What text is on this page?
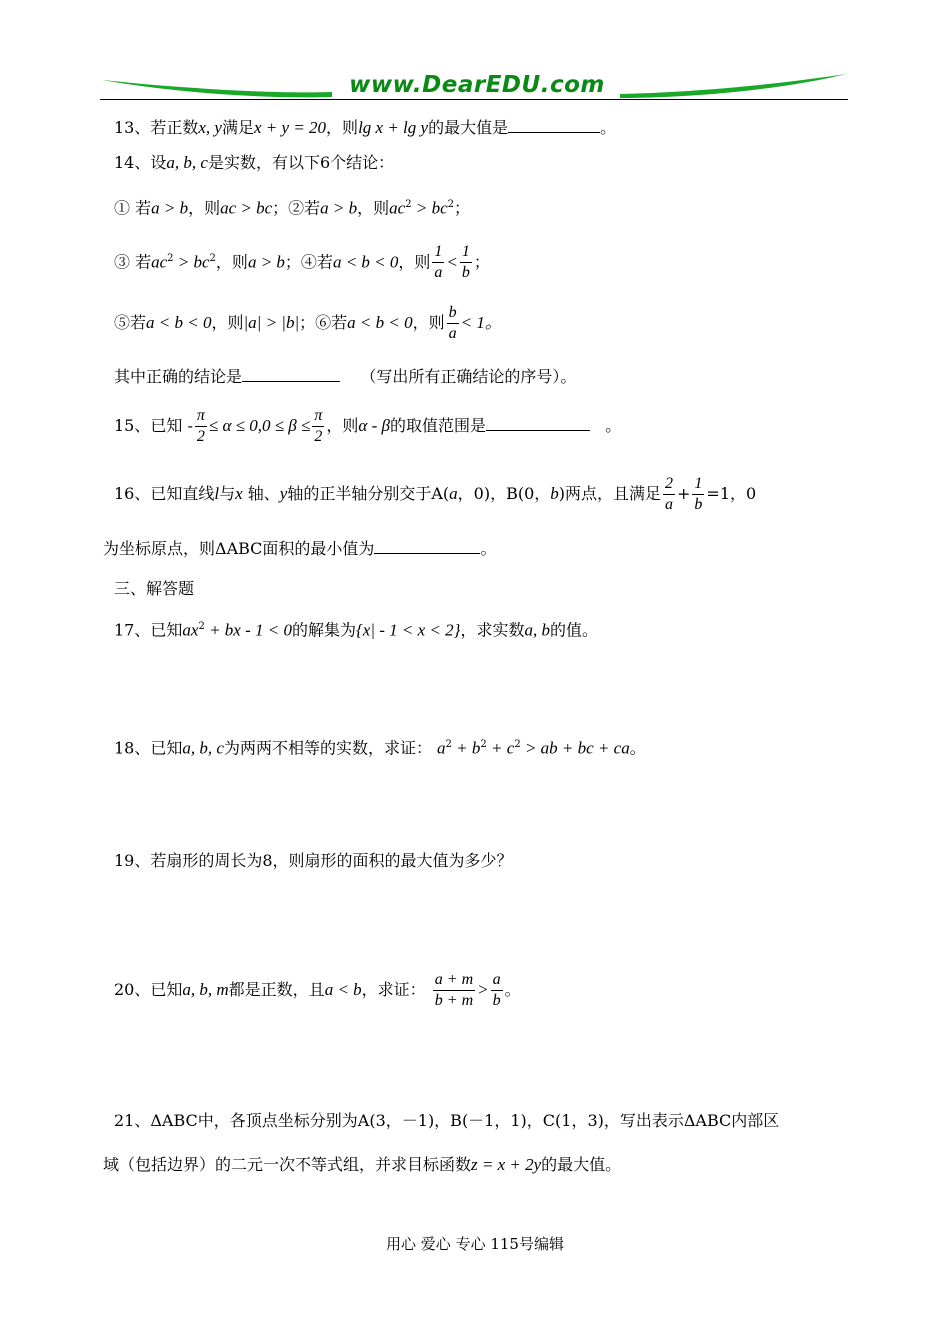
www.DearEDU.com
13、若正数x, y满足x + y = 20，则lg x + lg y的最大值是	。
14、设a, b, c是实数，有以下6个结论：
① 若a > b，则ac > bc；②若a > b，则$ac^2 > bc^2$；
③ 若$ac^2 > bc^2$，则a > b；④若a < b < 0，则 $\frac{1}{a} < \frac{1}{b}$ ；
⑤若a < b < 0，则|a| > |b|；⑥若a < b < 0，则 $\frac{b}{a} < 1$。
其中正确的结论是	（写出所有正确结论的序号）。
15、已知 - $\frac{\pi}{2} \le \alpha \le 0,0 \le \beta \le \frac{\pi}{2}$ ，则α - β的取值范围是	。
16、已知直线l与x 轴、y轴的正半轴分别交于A(a，0)，B(0，b)两点，且满足 $\frac{2}{a} + \frac{1}{b} =1$，0
为坐标原点，则ΔABC面积的最小值为	。
三、解答题
17、已知$ax^2$ + bx - 1 < 0的解集为{x| - 1 < x < 2}，求实数a, b的值。
18、已知a, b, c为两两不相等的实数，求证： $a^2 + b^2 + c^2$ > ab + bc + ca。
19、若扇形的周长为8，则扇形的面积的最大值为多少？
20、已知a, b, m都是正数，且a < b，求证： $\frac{a + m}{b + m} > \frac{a}{b}$ 。
21、ΔABC中，各顶点坐标分别为A(3，－1)，B(－1，1)，C(1，3)，写出表示ΔABC内部区
域（包括边界）的二元一次不等式组，并求目标函数z = x + 2y的最大值。
用心 爱心 专心 115号编辑
